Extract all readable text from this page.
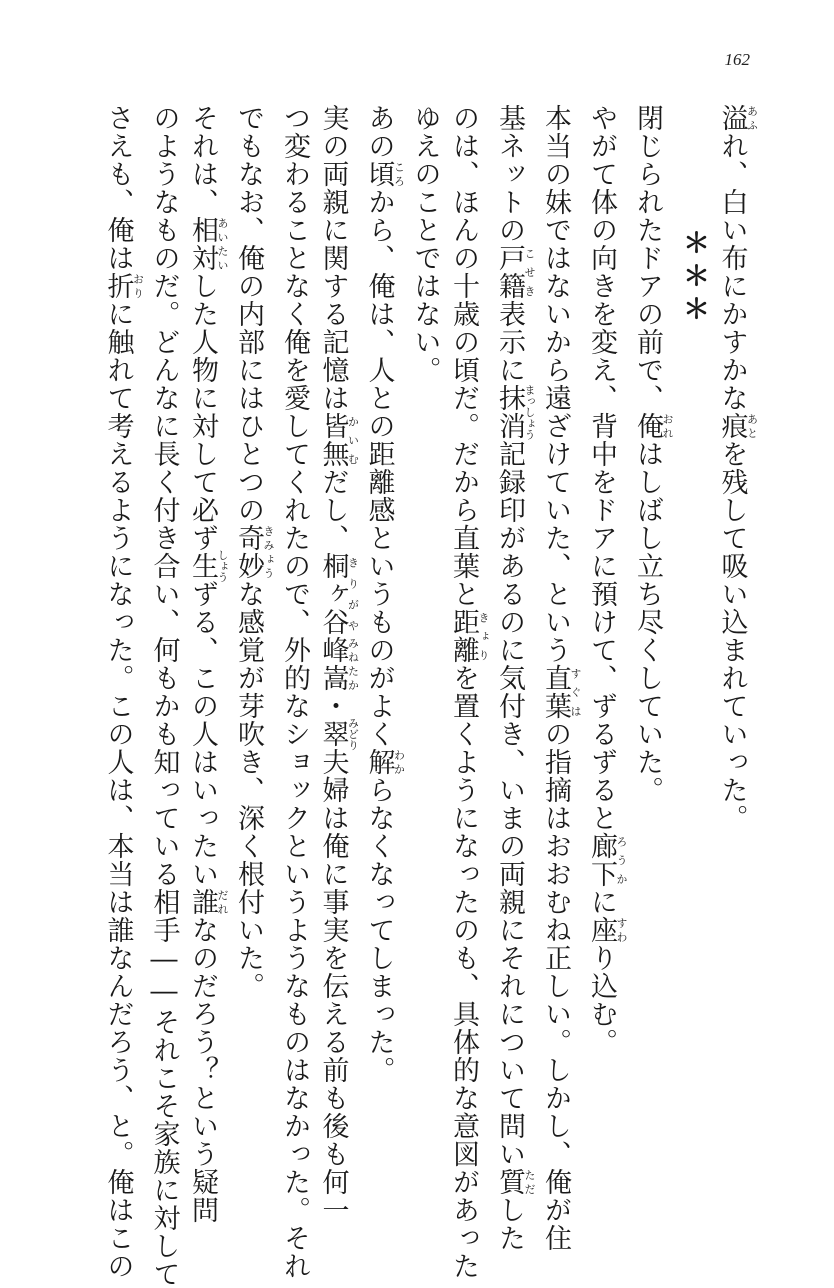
162
溢あふれ、白い布にかすかな痕あとを残して吸い込まれていった。
＊＊＊
閉じられたドアの前で、俺おれはしばし立ち尽くしていた。
やがて体の向きを変え、背中をドアに預けて、ずるずると廊下ろうかに座すわり込む。
本当の妹ではないから遠ざけていた、という直葉すぐはの指摘はおおむね正しい。しかし、俺が住
基ネットの戸籍こせき表示に抹消まっしょう記録印があるのに気付き、いまの両親にそれについて問い質ただした
のは、ほんの十歳の頃だ。だから直葉と距離きょりを置くようになったのも、具体的な意図があった
ゆえのことではない。
あの頃ころから、俺は、人との距離感というものがよく解わからなくなってしまった。
実の両親に関する記憶は皆無かいむだし、桐ヶ谷きりがや峰嵩みねたか・翠みどり夫婦は俺に事実を伝える前も後も何一
つ変わることなく俺を愛してくれたので、外的なショックというようなものはなかった。それ
でもなお、俺の内部にはひとつの奇妙きみょうな感覚が芽吹き、深く根付いた。
それは、相対あいたいした人物に対して必ず生しょうずる、この人はいったい誰だれなのだろう？という疑問
のようなものだ。どんなに長く付き合い、何もかも知っている相手――それこそ家族に対して
さえも、俺は折おりに触れて考えるようになった。この人は、本当は誰なんだろう、と。俺はこの
